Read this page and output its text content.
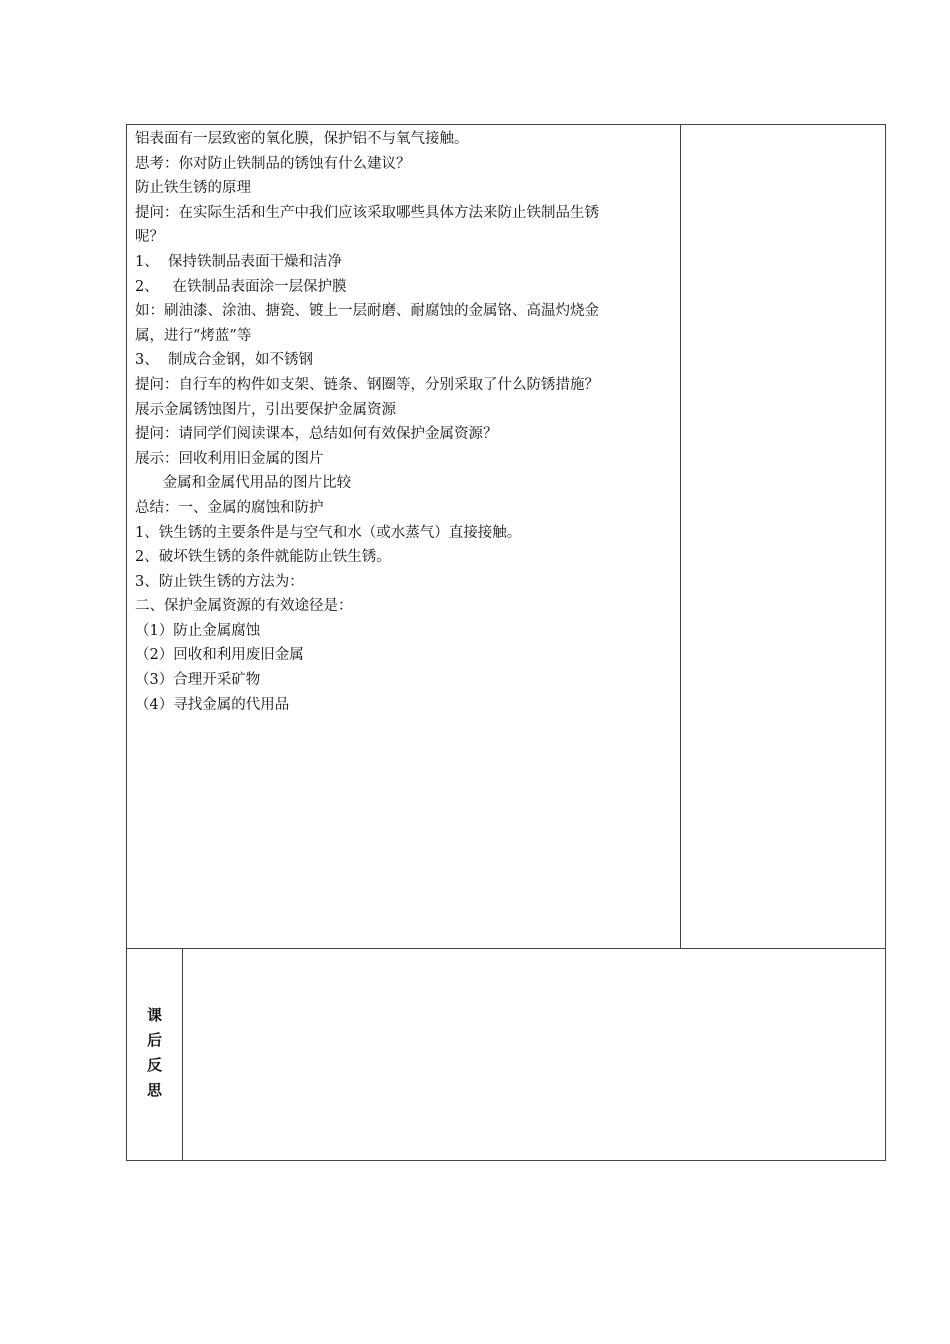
铝表面有一层致密的氧化膜，保护铝不与氧气接触。

思考：你对防止铁制品的锈蚀有什么建议？

防止铁生锈的原理

提问：在实际生活和生产中我们应该采取哪些具体方法来防止铁制品生锈

呢？

1、  保持铁制品表面干燥和洁净

2、   在铁制品表面涂一层保护膜

如：刷油漆、涂油、搪瓷、镀上一层耐磨、耐腐蚀的金属铬、高温灼烧金

属，进行“烤蓝”等

3、  制成合金钢，如不锈钢

提问：自行车的构件如支架、链条、钢圈等，分别采取了什么防锈措施？

展示金属锈蚀图片，引出要保护金属资源

提问：请同学们阅读课本，总结如何有效保护金属资源？

展示：回收利用旧金属的图片

金属和金属代用品的图片比较

总结：一、金属的腐蚀和防护

1、铁生锈的主要条件是与空气和水（或水蒸气）直接接触。

2、破坏铁生锈的条件就能防止铁生锈。

3、防止铁生锈的方法为：

二、保护金属资源的有效途径是：

（1）防止金属腐蚀

（2）回收和利用废旧金属

（3）合理开采矿物

（4）寻找金属的代用品

课
后
反
思
